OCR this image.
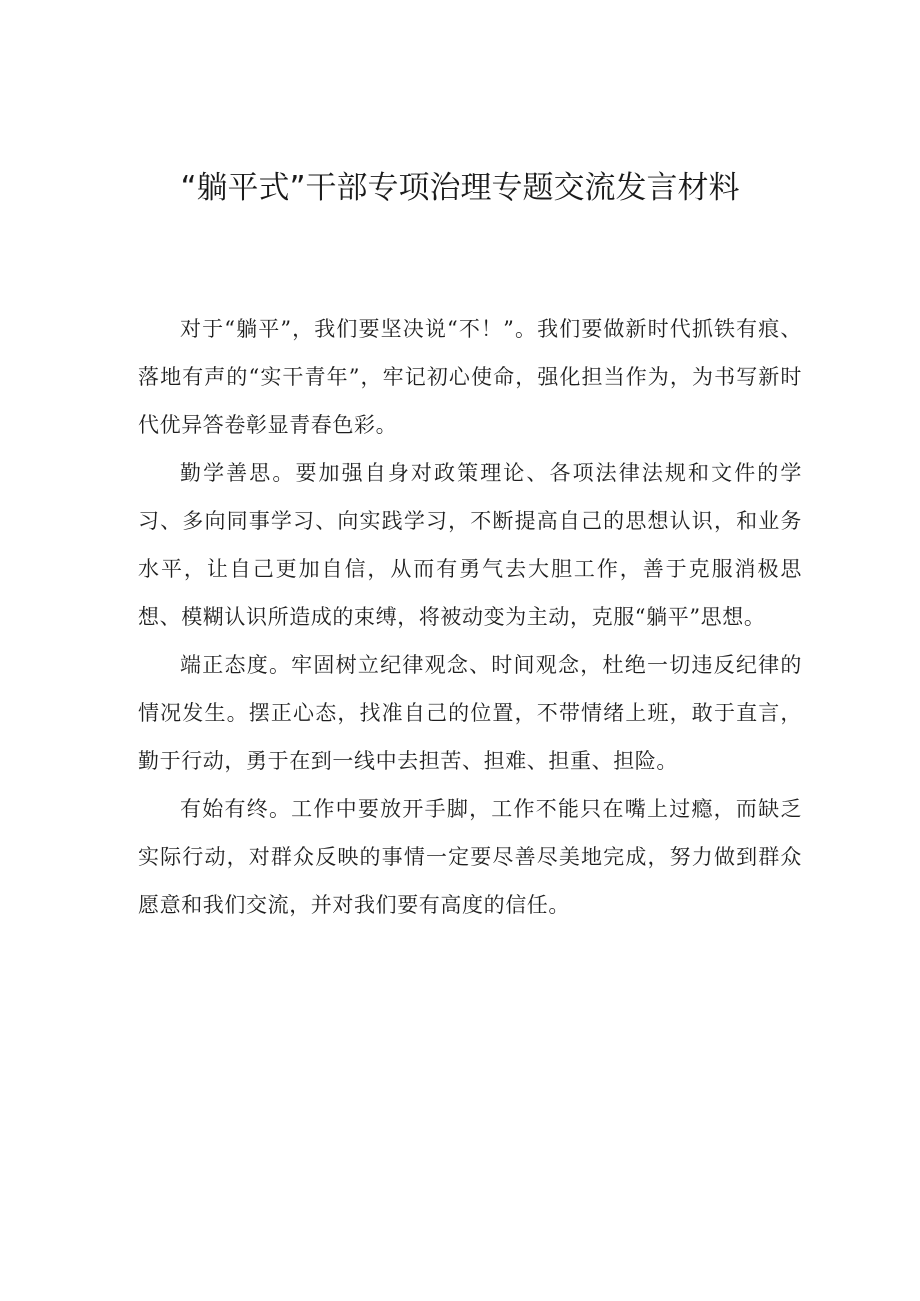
“躺平式”干部专项治理专题交流发言材料

对于“躺平”，我们要坚决说“不！”。我们要做新时代抓铁有痕、落地有声的“实干青年”，牢记初心使命，强化担当作为，为书写新时代优异答卷彰显青春色彩。

勤学善思。要加强自身对政策理论、各项法律法规和文件的学习、多向同事学习、向实践学习，不断提高自己的思想认识，和业务水平，让自己更加自信，从而有勇气去大胆工作，善于克服消极思想、模糊认识所造成的束缚，将被动变为主动，克服“躺平”思想。

端正态度。牢固树立纪律观念、时间观念，杜绝一切违反纪律的情况发生。摆正心态，找准自己的位置，不带情绪上班，敢于直言，勤于行动，勇于在到一线中去担苦、担难、担重、担险。

有始有终。工作中要放开手脚，工作不能只在嘴上过瘾，而缺乏实际行动，对群众反映的事情一定要尽善尽美地完成，努力做到群众愿意和我们交流，并对我们要有高度的信任。
